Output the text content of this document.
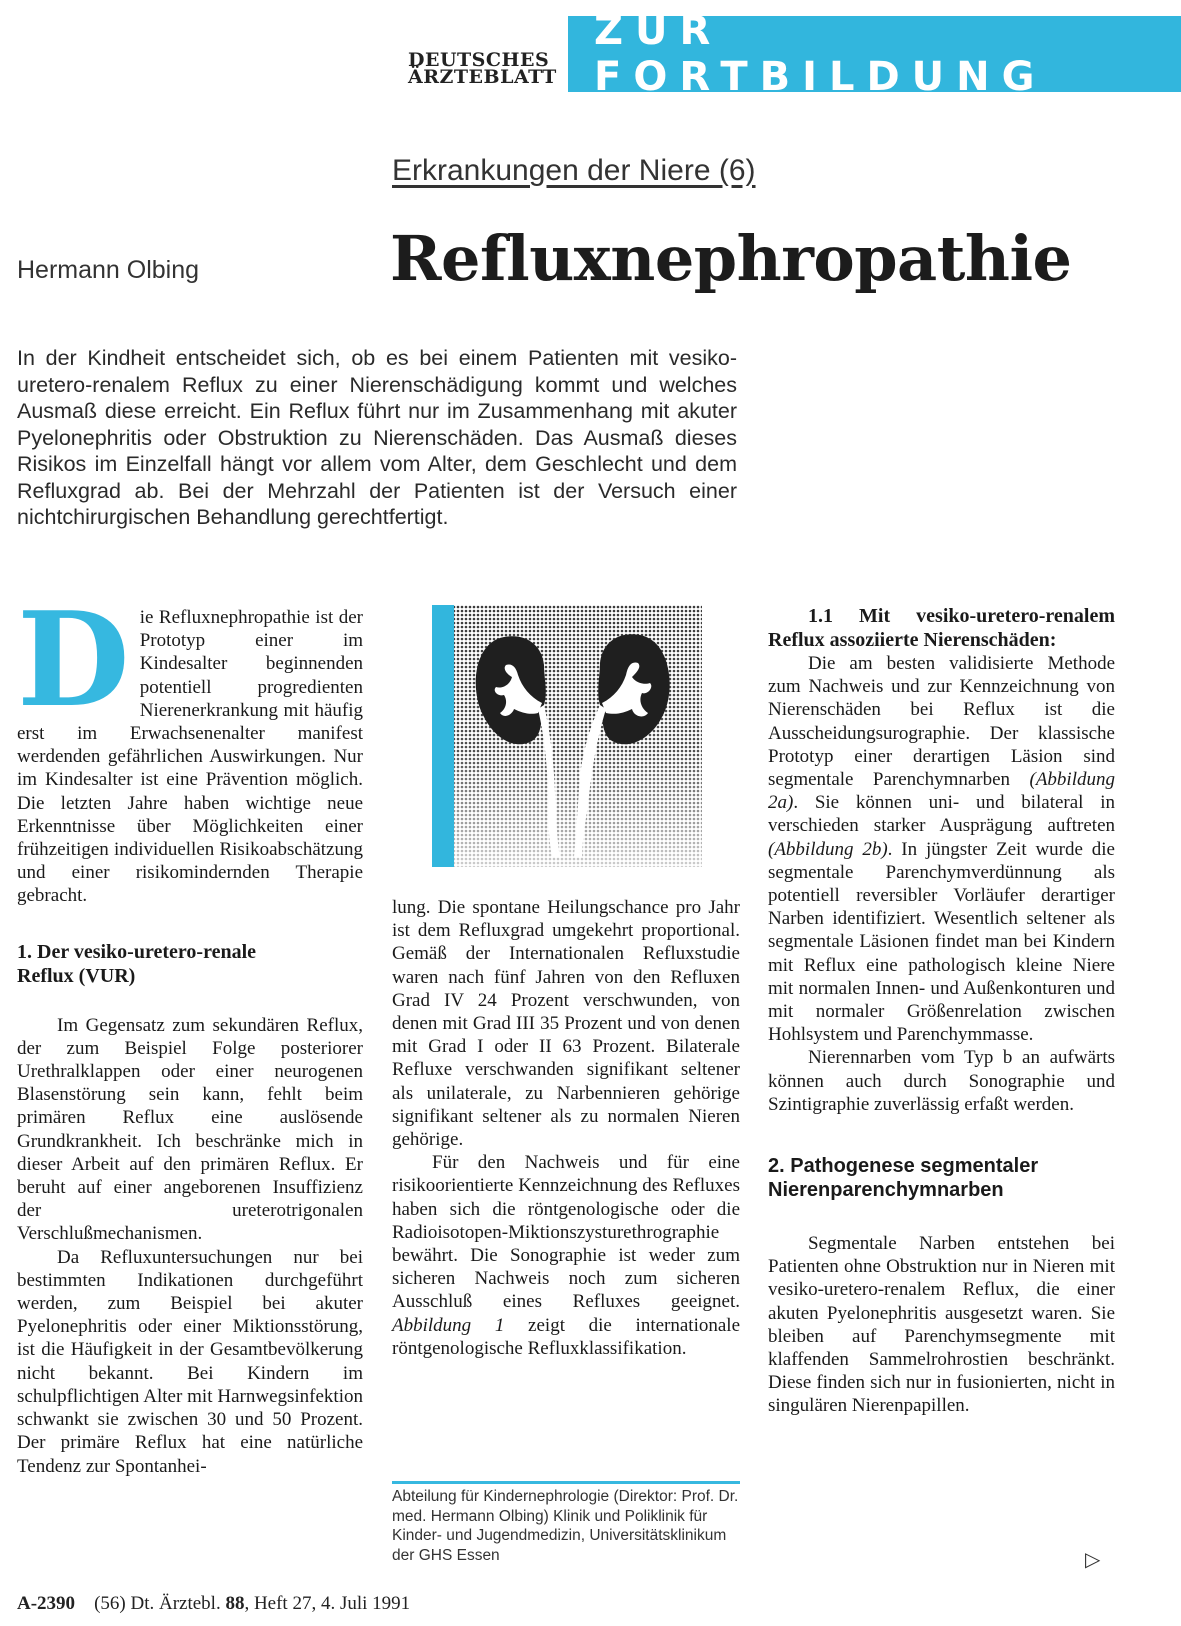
DEUTSCHES
ÄRZTEBLATT
ZUR FORTBILDUNG
Erkrankungen der Niere (6)
Hermann Olbing	Refluxnephropathie
In der Kindheit entscheidet sich, ob es bei einem Patienten mit vesiko-uretero-renalem Reflux zu einer Nierenschädigung kommt und welches Ausmaß diese erreicht. Ein Reflux führt nur im Zusammenhang mit akuter Pyelonephritis oder Obstruktion zu Nierenschäden. Das Ausmaß dieses Risikos im Einzelfall hängt vor allem vom Alter, dem Geschlecht und dem Refluxgrad ab. Bei der Mehrzahl der Patienten ist der Versuch einer nichtchirurgischen Behandlung gerechtfertigt.

Die Refluxnephropathie ist der Prototyp einer im Kindesalter beginnenden potentiell progredienten Nierenerkrankung mit häufig erst im Erwachsenenalter manifest werdenden gefährlichen Auswirkungen. Nur im Kindesalter ist eine Prävention möglich. Die letzten Jahre haben wichtige neue Erkenntnisse über Möglichkeiten einer frühzeitigen individuellen Risikoabschätzung und einer risikomindernden Therapie gebracht.

1. Der vesiko-uretero-renale Reflux (VUR)

Im Gegensatz zum sekundären Reflux, der zum Beispiel Folge posteriorer Urethralklappen oder einer neurogenen Blasenstörung sein kann, fehlt beim primären Reflux eine auslösende Grundkrankheit. Ich beschränke mich in dieser Arbeit auf den primären Reflux. Er beruht auf einer angeborenen Insuffizienz der ureterotrigonalen Verschlußmechanismen.

Da Refluxuntersuchungen nur bei bestimmten Indikationen durchgeführt werden, zum Beispiel bei akuter Pyelonephritis oder einer Miktionsstörung, ist die Häufigkeit in der Gesamtbevölkerung nicht bekannt. Bei Kindern im schulpflichtigen Alter mit Harnwegsinfektion schwankt sie zwischen 30 und 50 Prozent. Der primäre Reflux hat eine natürliche Tendenz zur Spontanhei-

lung. Die spontane Heilungschance pro Jahr ist dem Refluxgrad umgekehrt proportional. Gemäß der Internationalen Refluxstudie waren nach fünf Jahren von den Refluxen Grad IV 24 Prozent verschwunden, von denen mit Grad III 35 Prozent und von denen mit Grad I oder II 63 Prozent. Bilaterale Refluxe verschwanden signifikant seltener als unilaterale, zu Narbennieren gehörige signifikant seltener als zu normalen Nieren gehörige.

Für den Nachweis und für eine risikoorientierte Kennzeichnung des Refluxes haben sich die röntgenologische oder die Radioisotopen-Miktionszysturethrographie bewährt. Die Sonographie ist weder zum sicheren Nachweis noch zum sicheren Ausschluß eines Refluxes geeignet. Abbildung 1 zeigt die internationale röntgenologische Refluxklassifikation.

Abteilung für Kindernephrologie (Direktor: Prof. Dr. med. Hermann Olbing) Klinik und Poliklinik für Kinder- und Jugendmedizin, Universitätsklinikum der GHS Essen

1.1 Mit vesiko-uretero-renalem Reflux assoziierte Nierenschäden:

Die am besten validisierte Methode zum Nachweis und zur Kennzeichnung von Nierenschäden bei Reflux ist die Ausscheidungsurographie. Der klassische Prototyp einer derartigen Läsion sind segmentale Parenchymnarben (Abbildung 2a). Sie können uni- und bilateral in verschieden starker Ausprägung auftreten (Abbildung 2b). In jüngster Zeit wurde die segmentale Parenchymverdünnung als potentiell reversibler Vorläufer derartiger Narben identifiziert. Wesentlich seltener als segmentale Läsionen findet man bei Kindern mit Reflux eine pathologisch kleine Niere mit normalen Innen- und Außenkonturen und mit normaler Größenrelation zwischen Hohlsystem und Parenchymmasse.

Nierennarben vom Typ b an aufwärts können auch durch Sonographie und Szintigraphie zuverlässig erfaßt werden.

2. Pathogenese segmentaler Nierenparenchymnarben

Segmentale Narben entstehen bei Patienten ohne Obstruktion nur in Nieren mit vesiko-uretero-renalem Reflux, die einer akuten Pyelonephritis ausgesetzt waren. Sie bleiben auf Parenchymsegmente mit klaffenden Sammelrohrostien beschränkt. Diese finden sich nur in fusionierten, nicht in singulären Nierenpapillen.

▷
A-2390 (56) Dt. Ärztebl. 88, Heft 27, 4. Juli 1991
